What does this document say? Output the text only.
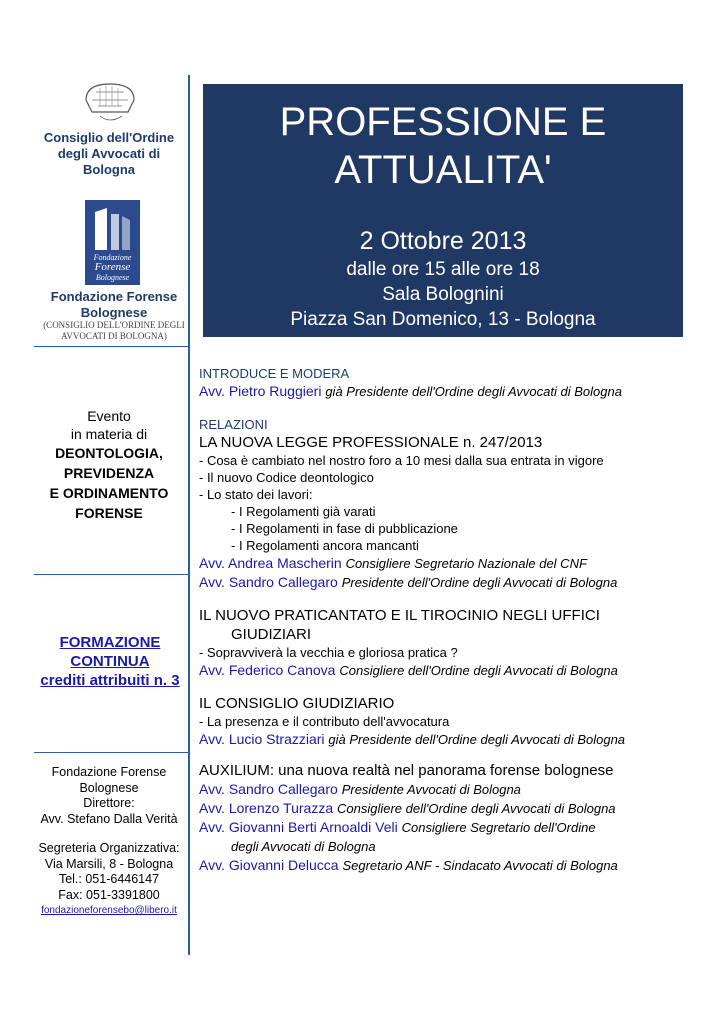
Consiglio dell'Ordine degli Avvocati di Bologna
Fondazione
Forense
Bolognese
Fondazione Forense Bolognese
(CONSIGLIO DELL'ORDINE DEGLI AVVOCATI DI BOLOGNA)
Evento
in materia di
DEONTOLOGIA,
PREVIDENZA
E ORDINAMENTO
FORENSE
FORMAZIONE
CONTINUA
crediti attribuiti n. 3
Fondazione Forense
Bolognese
Direttore:
Avv. Stefano Dalla Verità
Segreteria Organizzativa:
Via Marsili, 8 - Bologna
Tel.: 051-6446147
Fax: 051-3391800
fondazioneforensebo@libero.it
PROFESSIONE E
ATTUALITA'
2 Ottobre 2013
dalle ore 15 alle ore 18
Sala Bolognini
Piazza San Domenico, 13 - Bologna
INTRODUCE E MODERA
Avv. Pietro Ruggieri già Presidente dell'Ordine degli Avvocati di Bologna
RELAZIONI
LA NUOVA LEGGE PROFESSIONALE n. 247/2013
- Cosa è cambiato nel nostro foro a 10 mesi dalla sua entrata in vigore
- Il nuovo Codice deontologico
- Lo stato dei lavori:
- I Regolamenti già varati
- I Regolamenti in fase di pubblicazione
- I Regolamenti ancora mancanti
Avv. Andrea Mascherin Consigliere Segretario Nazionale del CNF
Avv. Sandro Callegaro Presidente dell'Ordine degli Avvocati di Bologna
IL NUOVO PRATICANTATO E IL TIROCINIO NEGLI UFFICI
GIUDIZIARI
- Sopravviverà la vecchia e gloriosa pratica ?
Avv. Federico Canova Consigliere dell'Ordine degli Avvocati di Bologna
IL CONSIGLIO GIUDIZIARIO
- La presenza e il contributo dell'avvocatura
Avv. Lucio Strazziari già Presidente dell'Ordine degli Avvocati di Bologna
AUXILIUM: una nuova realtà nel panorama forense bolognese
Avv. Sandro Callegaro Presidente Avvocati di Bologna
Avv. Lorenzo Turazza Consigliere dell'Ordine degli Avvocati di Bologna
Avv. Giovanni Berti Arnoaldi Veli Consigliere Segretario dell'Ordine
degli Avvocati di Bologna
Avv. Giovanni Delucca Segretario ANF - Sindacato Avvocati di Bologna
